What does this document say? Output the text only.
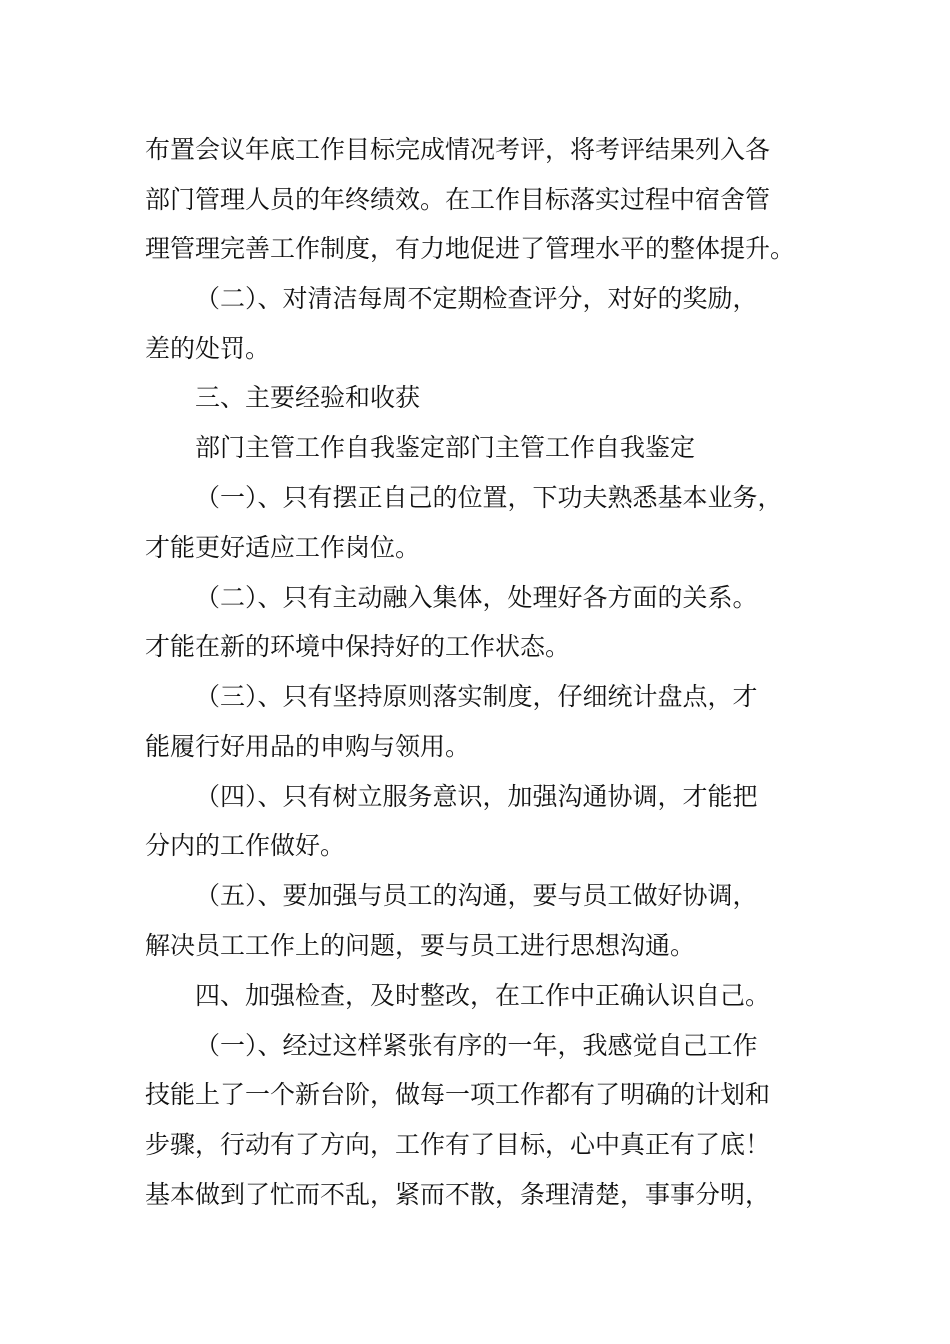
布置会议年底工作目标完成情况考评，将考评结果列入各
部门管理人员的年终绩效。在工作目标落实过程中宿舍管
理管理完善工作制度，有力地促进了管理水平的整体提升。
（二）、对清洁每周不定期检查评分，对好的奖励，
差的处罚。
三、主要经验和收获
部门主管工作自我鉴定部门主管工作自我鉴定
（一）、只有摆正自己的位置，下功夫熟悉基本业务，
才能更好适应工作岗位。
（二）、只有主动融入集体，处理好各方面的关系。
才能在新的环境中保持好的工作状态。
（三）、只有坚持原则落实制度，仔细统计盘点，才
能履行好用品的申购与领用。
（四）、只有树立服务意识，加强沟通协调，才能把
分内的工作做好。
（五）、要加强与员工的沟通，要与员工做好协调，
解决员工工作上的问题，要与员工进行思想沟通。
四、加强检查，及时整改，在工作中正确认识自己。
（一）、经过这样紧张有序的一年，我感觉自己工作
技能上了一个新台阶，做每一项工作都有了明确的计划和
步骤，行动有了方向，工作有了目标，心中真正有了底！
基本做到了忙而不乱，紧而不散，条理清楚，事事分明，
